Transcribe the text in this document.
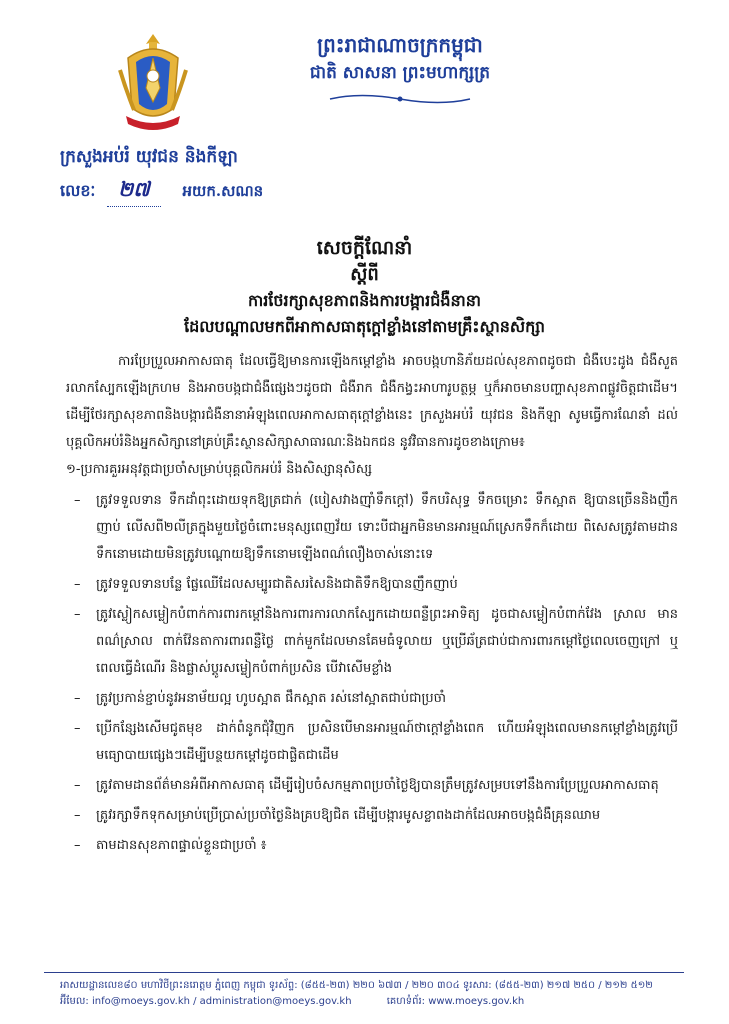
ព្រះរាជាណាចក្រកម្ពុជា
ជាតិ សាសនា ព្រះមហាក្សត្រ
ក្រសួងអប់រំ យុវជន និងកីឡា
លេខៈ ២៧ អយក.សណន
សេចក្តីណែនាំ
ស្តីពី
ការថែរក្សាសុខភាពនិងការបង្ការជំងឺនានា
ដែលបណ្តាលមកពីអាកាសធាតុក្តៅខ្លាំងនៅតាមគ្រឹះស្ថានសិក្សា

ការប្រែប្រួលអាកាសធាតុ ដែលធ្វើឱ្យមានការឡើងកម្តៅខ្លាំង អាចបង្កហានិភ័យដល់សុខភាពដូចជា ជំងឺបេះដូង ជំងឺសួត រលាកស្បែកឡើងក្រហម និងអាចបង្កជាជំងឺផ្សេងៗដូចជា ជំងឺរាក ជំងឺកង្វះអាហារូបត្ថម្ភ ឬក៏អាចមានបញ្ហាសុខភាពផ្លូវចិត្តជាដើម។ ដើម្បីថែរក្សាសុខភាពនិងបង្ការជំងឺនានាអំឡុងពេលអាកាសធាតុក្តៅខ្លាំងនេះ ក្រសួងអប់រំ យុវជន និងកីឡា សូមធ្វើការណែនាំ ដល់បុគ្គលិកអប់រំនិងអ្នកសិក្សានៅគ្រប់គ្រឹះស្ថានសិក្សាសាធារណៈនិងឯកជន នូវវិធានការដូចខាងក្រោម៖

១-ប្រការគួរអនុវត្តជាប្រចាំសម្រាប់បុគ្គលិកអប់រំ និងសិស្សានុសិស្ស

– ត្រូវទទួលទាន ទឹកដាំពុះដោយទុកឱ្យត្រជាក់ (បៀសវាងញ៉ាំទឹកក្តៅ) ទឹកបរិសុទ្ធ ទឹកចម្រោះ ទឹកស្អាត ឱ្យបានច្រើននិងញឹកញាប់ លើសពី២លីត្រក្នុងមួយថ្ងៃចំពោះមនុស្សពេញវ័យ ទោះបីជាអ្នកមិនមានអារម្មណ៍ស្រេកទឹកក៏ដោយ ពិសេសត្រូវតាមដានទឹកនោមដោយមិនត្រូវបណ្តោយឱ្យទឹកនោមឡើងពណ៌លឿងចាស់នោះទេ
– ត្រូវទទួលទានបន្លែ ផ្លែឈើដែលសម្បូរជាតិសរសៃនិងជាតិទឹកឱ្យបានញឹកញាប់
– ត្រូវស្លៀកសម្លៀកបំពាក់ការពារកម្តៅនិងការពារការលាកស្បែកដោយពន្លឺព្រះអាទិត្យ ដូចជាសម្លៀកបំពាក់វែង ស្រាល មានពណ៌ស្រាល ពាក់វ៉ែនតាការពារពន្លឺថ្ងៃ ពាក់មួកដែលមានគែមធំទូលាយ ឬប្រើឆ័ត្រជាប់ជាការពារកម្តៅថ្ងៃពេលចេញក្រៅ ឬពេលធ្វើដំណើរ និងផ្លាស់ប្តូរសម្លៀកបំពាក់ប្រសិន បើវាសើមខ្លាំង
– ត្រូវប្រកាន់ខ្ជាប់នូវអនាម័យល្អ ហូបស្អាត ផឹកស្អាត រស់នៅស្អាតជាប់ជាប្រចាំ
– ប្រើកន្សែងសើមជូតមុខ ដាក់ពំនូកជុំវិញក ប្រសិនបើមានអារម្មណ៍ថាក្តៅខ្លាំងពេក ហើយអំឡុងពេលមានកម្តៅខ្លាំងត្រូវប្រើមធ្យោបាយផ្សេងៗដើម្បីបន្ថយកម្តៅដូចជាផ្លិតជាដើម
– ត្រូវតាមដានព័ត៌មានអំពីអាកាសធាតុ ដើម្បីរៀបចំសកម្មភាពប្រចាំថ្ងៃឱ្យបានត្រឹមត្រូវសម្របទៅនឹងការប្រែប្រួលអាកាសធាតុ
– ត្រូវរក្សាទឹកទុកសម្រាប់ប្រើប្រាស់ប្រចាំថ្ងៃនិងគ្របឱ្យជិត ដើម្បីបង្ការមូសខ្លាពងដាក់ដែលអាចបង្កជំងឺគ្រុនឈាម
– តាមដានសុខភាពផ្ទាល់ខ្លួនជាប្រចាំ ៖
អាសយដ្ឋានលេខ៨០ មហាវិថីព្រះនរោត្តម ភ្នំពេញ កម្ពុជា ទូរស័ព្ទ: (៨៥៥-២៣) ២២០ ៦៧៣ / ២២០ ៣០៤ ទូរសារ: (៨៥៥-២៣) ២១៧ ២៥០ / ២១២ ៥១២
អ៊ីមែល: info@moeys.gov.kh / administration@moeys.gov.kh	គេហទំព័រ: www.moeys.gov.kh
